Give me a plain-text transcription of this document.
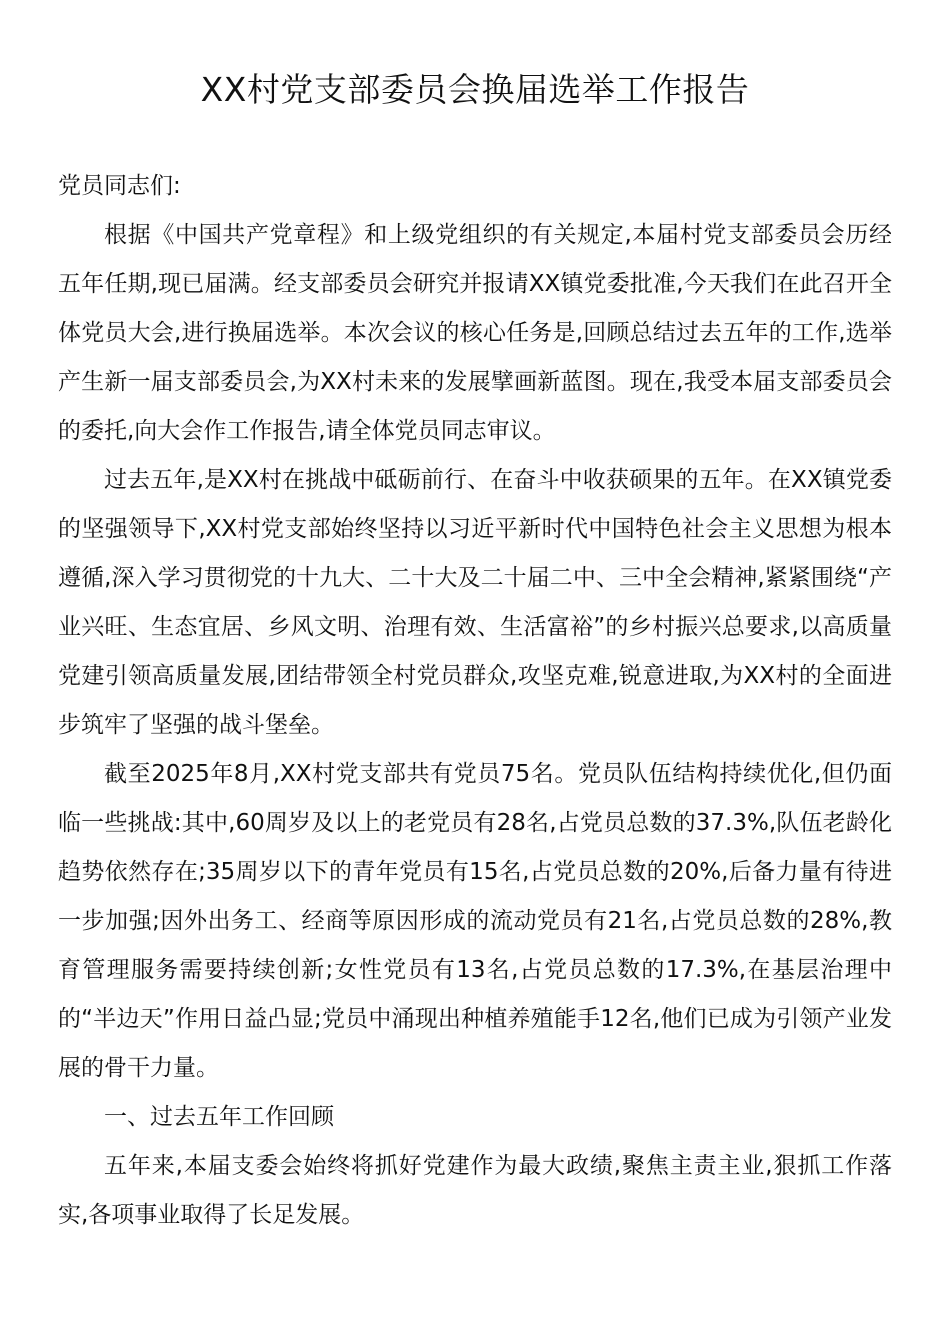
XX村党支部委员会换届选举工作报告

党员同志们:

根据《中国共产党章程》和上级党组织的有关规定,本届村党支部委员会历经五年任期,现已届满。经支部委员会研究并报请XX镇党委批准,今天我们在此召开全体党员大会,进行换届选举。本次会议的核心任务是,回顾总结过去五年的工作,选举产生新一届支部委员会,为XX村未来的发展擘画新蓝图。现在,我受本届支部委员会的委托,向大会作工作报告,请全体党员同志审议。

过去五年,是XX村在挑战中砥砺前行、在奋斗中收获硕果的五年。在XX镇党委的坚强领导下,XX村党支部始终坚持以习近平新时代中国特色社会主义思想为根本遵循,深入学习贯彻党的十九大、二十大及二十届二中、三中全会精神,紧紧围绕“产业兴旺、生态宜居、乡风文明、治理有效、生活富裕”的乡村振兴总要求,以高质量党建引领高质量发展,团结带领全村党员群众,攻坚克难,锐意进取,为XX村的全面进步筑牢了坚强的战斗堡垒。

截至2025年8月,XX村党支部共有党员75名。党员队伍结构持续优化,但仍面临一些挑战:其中,60周岁及以上的老党员有28名,占党员总数的37.3%,队伍老龄化趋势依然存在;35周岁以下的青年党员有15名,占党员总数的20%,后备力量有待进一步加强;因外出务工、经商等原因形成的流动党员有21名,占党员总数的28%,教育管理服务需要持续创新;女性党员有13名,占党员总数的17.3%,在基层治理中的“半边天”作用日益凸显;党员中涌现出种植养殖能手12名,他们已成为引领产业发展的骨干力量。

一、过去五年工作回顾

五年来,本届支委会始终将抓好党建作为最大政绩,聚焦主责主业,狠抓工作落实,各项事业取得了长足发展。
